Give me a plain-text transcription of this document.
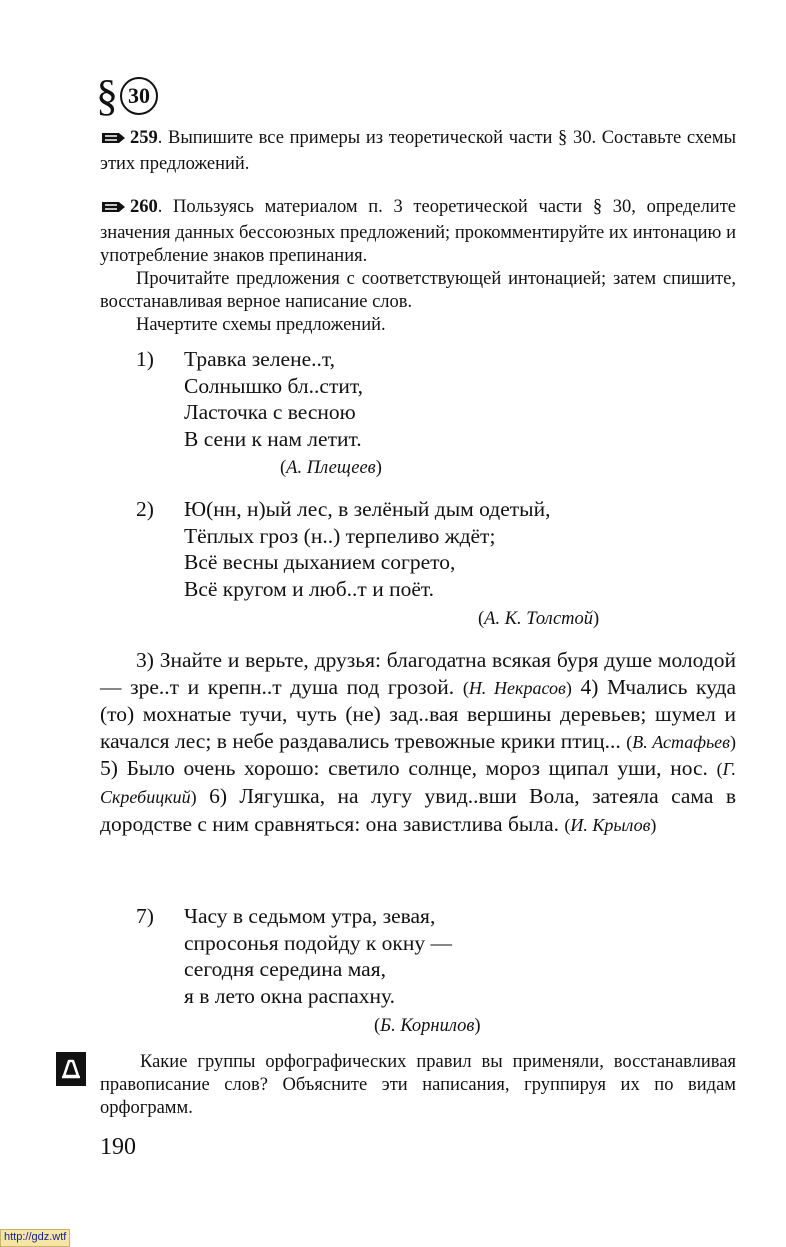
§ 30
259. Выпишите все примеры из теоретической части § 30. Составьте схемы этих предложений.
260. Пользуясь материалом п. 3 теоретической части § 30, определите значения данных бессоюзных предложений; прокомментируйте их интонацию и употребление знаков препинания.
Прочитайте предложения с соответствующей интонацией; затем спишите, восстанавливая верное написание слов.
Начертите схемы предложений.
1) Травка зелене..т,
Солнышко бл..стит,
Ласточка с весною
В сени к нам летит.
(А. Плещеев)
2) Ю(нн, н)ый лес, в зелёный дым одетый,
Тёплых гроз (н..) терпеливо ждёт;
Всё весны дыханием согрето,
Всё кругом и люб..т и поёт.
(А. К. Толстой)
3) Знайте и верьте, друзья: благодатна всякая буря душе молодой — зре..т и крепн..т душа под грозой. (Н. Некрасов) 4) Мчались куда (то) мохнатые тучи, чуть (не) зад..вая вершины деревьев; шумел и качался лес; в небе раздавались тревожные крики птиц... (В. Астафьев) 5) Было очень хорошо: светило солнце, мороз щипал уши, нос. (Г. Скребицкий) 6) Лягушка, на лугу увид..вши Вола, затеяла сама в дородстве с ним сравняться: она завистлива была. (И. Крылов)
7) Часу в седьмом утра, зевая,
спросонья подойду к окну —
сегодня середина мая,
я в лето окна распахну.
(Б. Корнилов)
Какие группы орфографических правил вы применяли, восстанавливая правописание слов? Объясните эти написания, группируя их по видам орфограмм.
190
http://gdz.wtf
